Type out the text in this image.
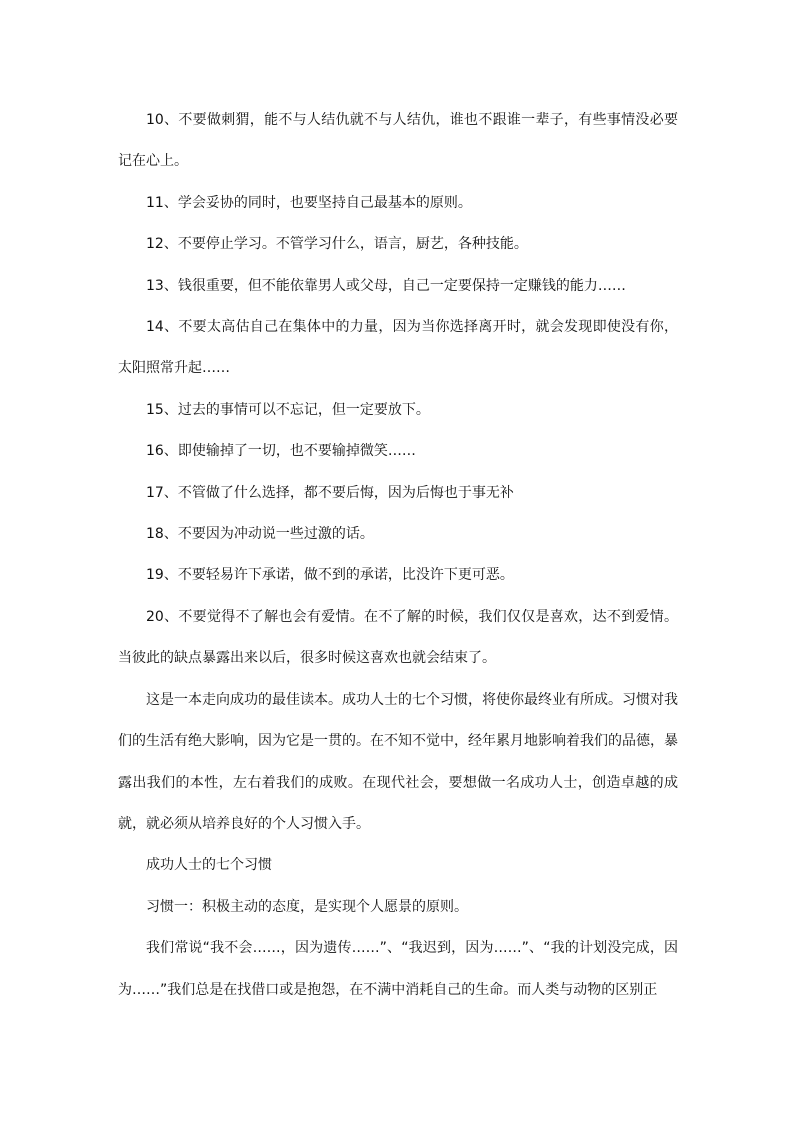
10、不要做刺猬，能不与人结仇就不与人结仇，谁也不跟谁一辈子，有些事情没必要记在心上。

11、学会妥协的同时，也要坚持自己最基本的原则。

12、不要停止学习。不管学习什么，语言，厨艺，各种技能。

13、钱很重要，但不能依靠男人或父母，自己一定要保持一定赚钱的能力……

14、不要太高估自己在集体中的力量，因为当你选择离开时，就会发现即使没有你，太阳照常升起……

15、过去的事情可以不忘记，但一定要放下。

16、即使输掉了一切，也不要输掉微笑……

17、不管做了什么选择，都不要后悔，因为后悔也于事无补

18、不要因为冲动说一些过激的话。

19、不要轻易许下承诺，做不到的承诺，比没许下更可恶。

20、不要觉得不了解也会有爱情。在不了解的时候，我们仅仅是喜欢，达不到爱情。当彼此的缺点暴露出来以后，很多时候这喜欢也就会结束了。

这是一本走向成功的最佳读本。成功人士的七个习惯，将使你最终业有所成。习惯对我们的生活有绝大影响，因为它是一贯的。在不知不觉中，经年累月地影响着我们的品德，暴露出我们的本性，左右着我们的成败。在现代社会，要想做一名成功人士，创造卓越的成就，就必须从培养良好的个人习惯入手。

成功人士的七个习惯

习惯一：积极主动的态度，是实现个人愿景的原则。

我们常说“我不会……，因为遗传……”、“我迟到，因为……”、“我的计划没完成，因为……”我们总是在找借口或是抱怨，在不满中消耗自己的生命。而人类与动物的区别正
